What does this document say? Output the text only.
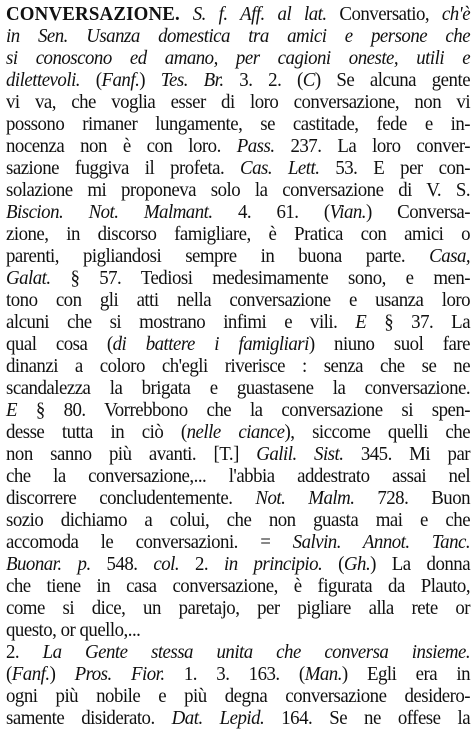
CONVERSAZIONE. S. f. Aff. al lat. Conversatio, ch'è
in Sen. Usanza domestica tra amici e persone che
si conoscono ed amano, per cagioni oneste, utili e
dilettevoli. (Fanf.) Tes. Br. 3. 2. (C) Se alcuna gente
vi va, che voglia esser di loro conversazione, non vi
possono rimaner lungamente, se castitade, fede e in-
nocenza non è con loro. Pass. 237. La loro conver-
sazione fuggiva il profeta. Cas. Lett. 53. E per con-
solazione mi proponeva solo la conversazione di V. S.
Biscion. Not. Malmant. 4. 61. (Vian.) Conversa-
zione, in discorso famigliare, è Pratica con amici o
parenti, pigliandosi sempre in buona parte. Casa,
Galat. § 57. Tediosi medesimamente sono, e men-
tono con gli atti nella conversazione e usanza loro
alcuni che si mostrano infimi e vili. E § 37. La
qual cosa (di battere i famigliari) niuno suol fare
dinanzi a coloro ch'egli riverisce : senza che se ne
scandalezza la brigata e guastasene la conversazione.
E § 80. Vorrebbono che la conversazione si spen-
desse tutta in ciò (nelle ciance), siccome quelli che
non sanno più avanti. [T.] Galil. Sist. 345. Mi par
che la conversazione,... l'abbia addestrato assai nel
discorrere concludentemente. Not. Malm. 728. Buon
sozio dichiamo a colui, che non guasta mai e che
accomoda le conversazioni. = Salvin. Annot. Tanc.
Buonar. p. 548. col. 2. in principio. (Gh.) La donna
che tiene in casa conversazione, è figurata da Plauto,
come si dice, un paretajo, per pigliare alla rete or
questo, or quello,...
2. La Gente stessa unita che conversa insieme.
(Fanf.) Pros. Fior. 1. 3. 163. (Man.) Egli era in
ogni più nobile e più degna conversazione desidero-
samente disiderato. Dat. Lepid. 164. Se ne offese la
